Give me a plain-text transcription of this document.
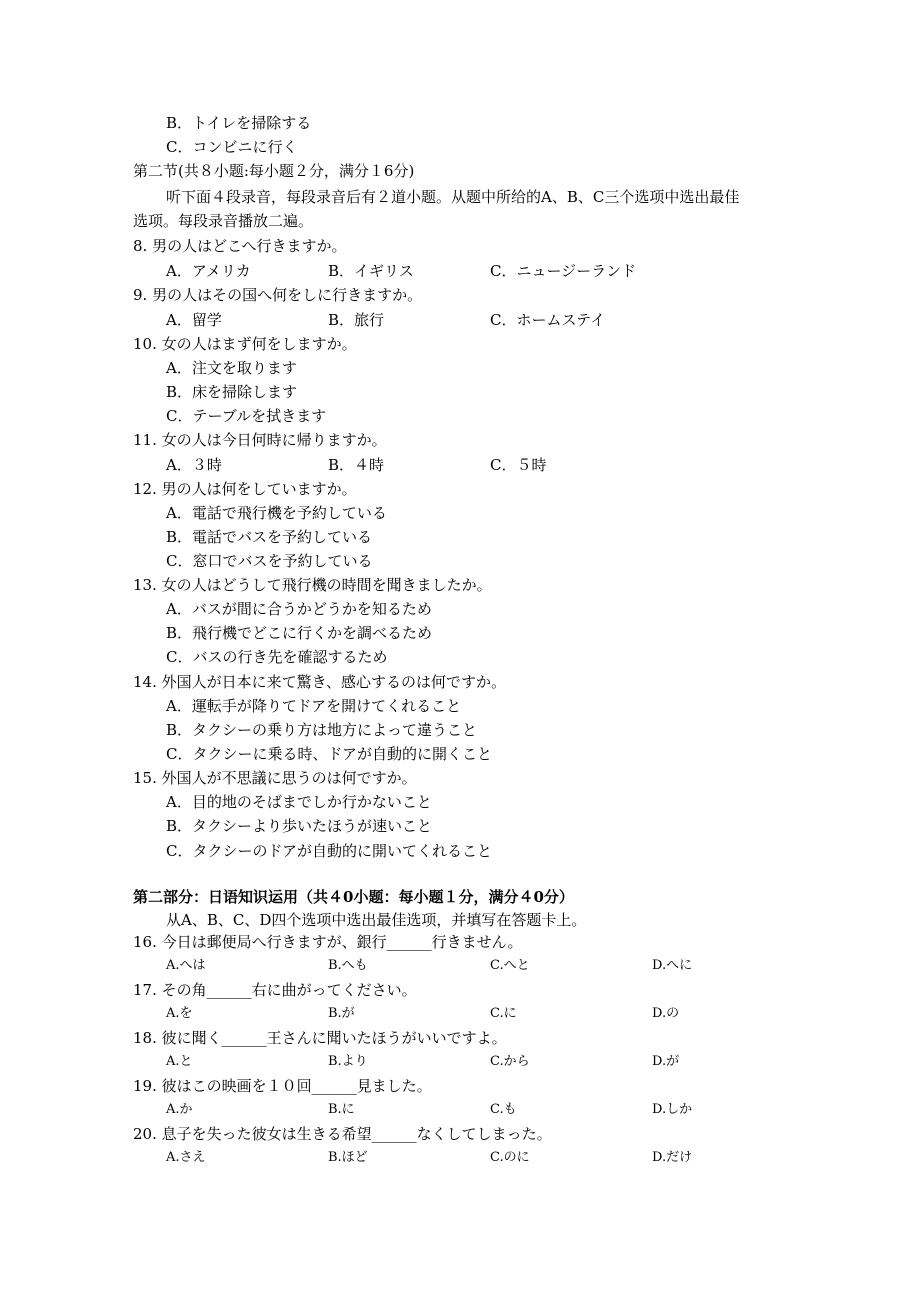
B．トイレを掃除する
C．コンビニに行く
第二节(共８小题:每小题２分，满分１6分)
听下面４段录音，每段录音后有２道小题。从题中所给的A、B、C三个选项中选出最佳
选项。每段录音播放二遍。
8. 男の人はどこへ行きますか。
A．アメリカ	B．イギリス	C．ニュージーランド
9. 男の人はその国へ何をしに行きますか。
A．留学	B．旅行	C．ホームステイ
10. 女の人はまず何をしますか。
A．注文を取ります
B．床を掃除します
C．テーブルを拭きます
11. 女の人は今日何時に帰りますか。
A．３時	B．４時	C．５時
12. 男の人は何をしていますか。
A．電話で飛行機を予約している
B．電話でバスを予約している
C．窓口でバスを予約している
13. 女の人はどうして飛行機の時間を聞きましたか。
A．バスが間に合うかどうかを知るため
B．飛行機でどこに行くかを調べるため
C．バスの行き先を確認するため
14. 外国人が日本に来て驚き、感心するのは何ですか。
A．運転手が降りてドアを開けてくれること
B．タクシーの乗り方は地方によって違うこと
C．タクシーに乗る時、ドアが自動的に開くこと
15. 外国人が不思議に思うのは何ですか。
A．目的地のそばまでしか行かないこと
B．タクシーより歩いたほうが速いこと
C．タクシーのドアが自動的に開いてくれること
第二部分：日语知识运用（共４0小题：每小题１分，满分４0分）
从A、B、C、D四个选项中选出最佳选项，并填写在答题卡上。
16. 今日は郵便局へ行きますが、銀行______行きません。
A.へは	B.へも	C.へと	D.へに
17. その角______右に曲がってください。
A.を	B.が	C.に	D.の
18. 彼に聞く______王さんに聞いたほうがいいですよ。
A.と	B.より	C.から	D.が
19. 彼はこの映画を１０回______見ました。
A.か	B.に	C.も	D.しか
20. 息子を失った彼女は生きる希望______なくしてしまった。
A.さえ	B.ほど	C.のに	D.だけ
